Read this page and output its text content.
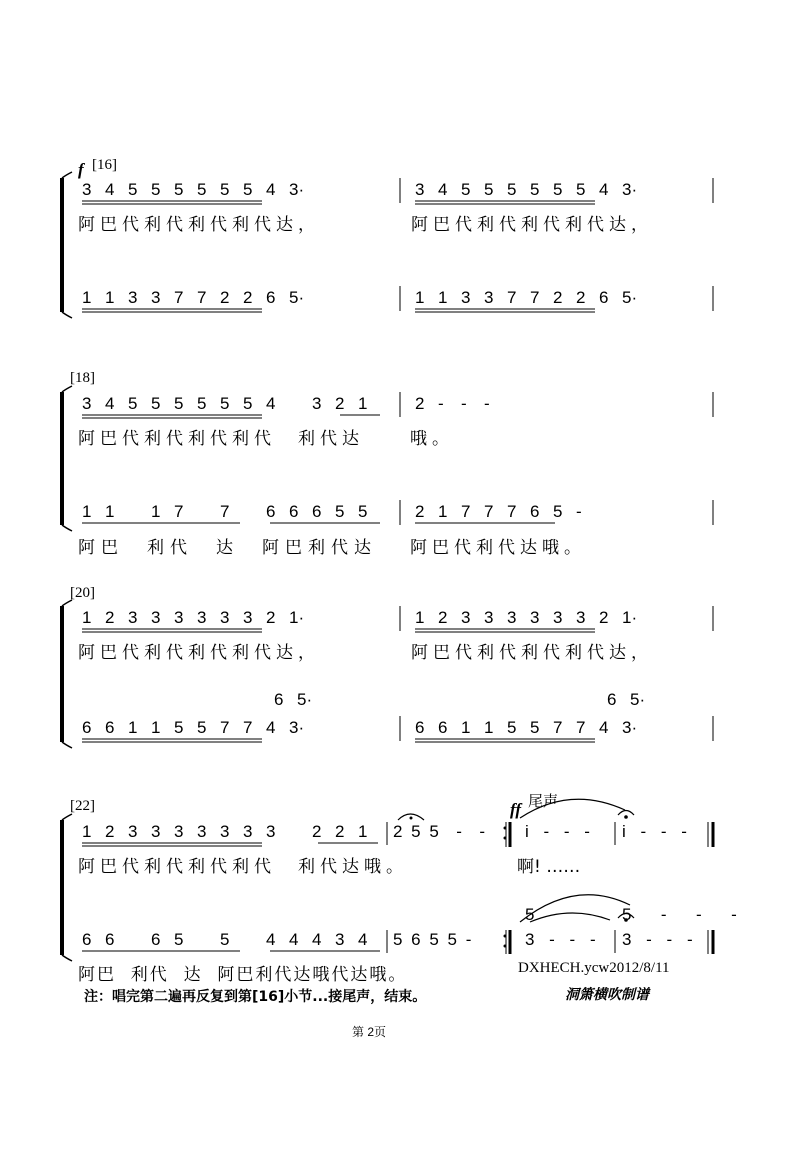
f [16]
3 4 5 5 5 5 5 5 4 3·	3 4 5 5 5 5 5 5 4 3·
阿巴代利代利代利代达，	阿巴代利代利代利代达，
1 1 3 3 7 7 2 2 6 5·	1 1 3 3 7 7 2 2 6 5·
[18]
3 4 5 5 5 5 5 5 4 3 2 1	2 - - -
阿巴代利代利代利代 利代达	哦。
1 1 1 7 7 6 6 6 5 5	2 1 7 7 7 6 5 -
阿 巴 利 代 达 阿 巴 利 代 达	阿巴代利代达哦。
[20]
1 2 3 3 3 3 3 3 2 1·	1 2 3 3 3 3 3 3 2 1·
阿巴代利代利代利代达，	阿巴代利代利代利代达，
6 5·	6 5·
6 6 1 1 5 5 7 7 4 3·	6 6 1 1 5 5 7 7 4 3·
[22]	ff 尾声
1 2 3 3 3 3 3 3 3 2 2 1	2 5 5  -  - i - - - i - - -
阿巴代利代利代利代 利代达哦。	啊! ……
5	5  -  -  -
6 6 6 5 5 4 4 4 3 4	5 6 5 5 -	3 - - - 3 - - -
阿巴  利代  达  阿巴利代达哦代达哦。	DXHECH.ycw2012/8/11
注：唱完第二遍再反复到第[16]小节...接尾声，结束。	洞箫横吹制谱
第 2页
